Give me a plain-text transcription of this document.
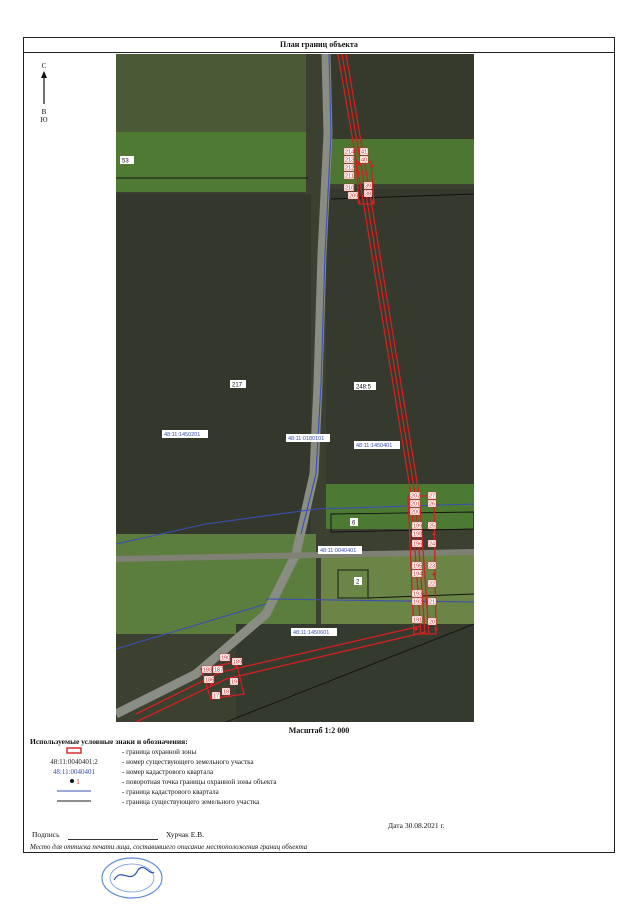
План границ объекта
С
В
Ю
214
213
212
211
210
209
41
40
39
38
202
201
200
199
198
196
195
194
193
192
191
27
26
25
24
23
22
21
20
190
189
188 187
186	19
18
17
53
217	248:5
6
2
48:11:1450201
48:11:0180101
48:11:1450401
48:11:0040401
48:11:1450601
Масштаб 1:2 000
Используемые условные знаки и обозначения:
- граница охранной зоны
48:11:0040401:2	- номер существующего земельного участка
48:11:0040401	- номер кадастрового квартала
1	- поворотная точка границы охранной зоны объекта
- граница кадастрового квартала
- граница существующего земельного участка
Дата 30.08.2021 г.
Подпись	Хурчак Е.В.
Место для оттиска печати лица, составившего описание местоположения границ объекта
